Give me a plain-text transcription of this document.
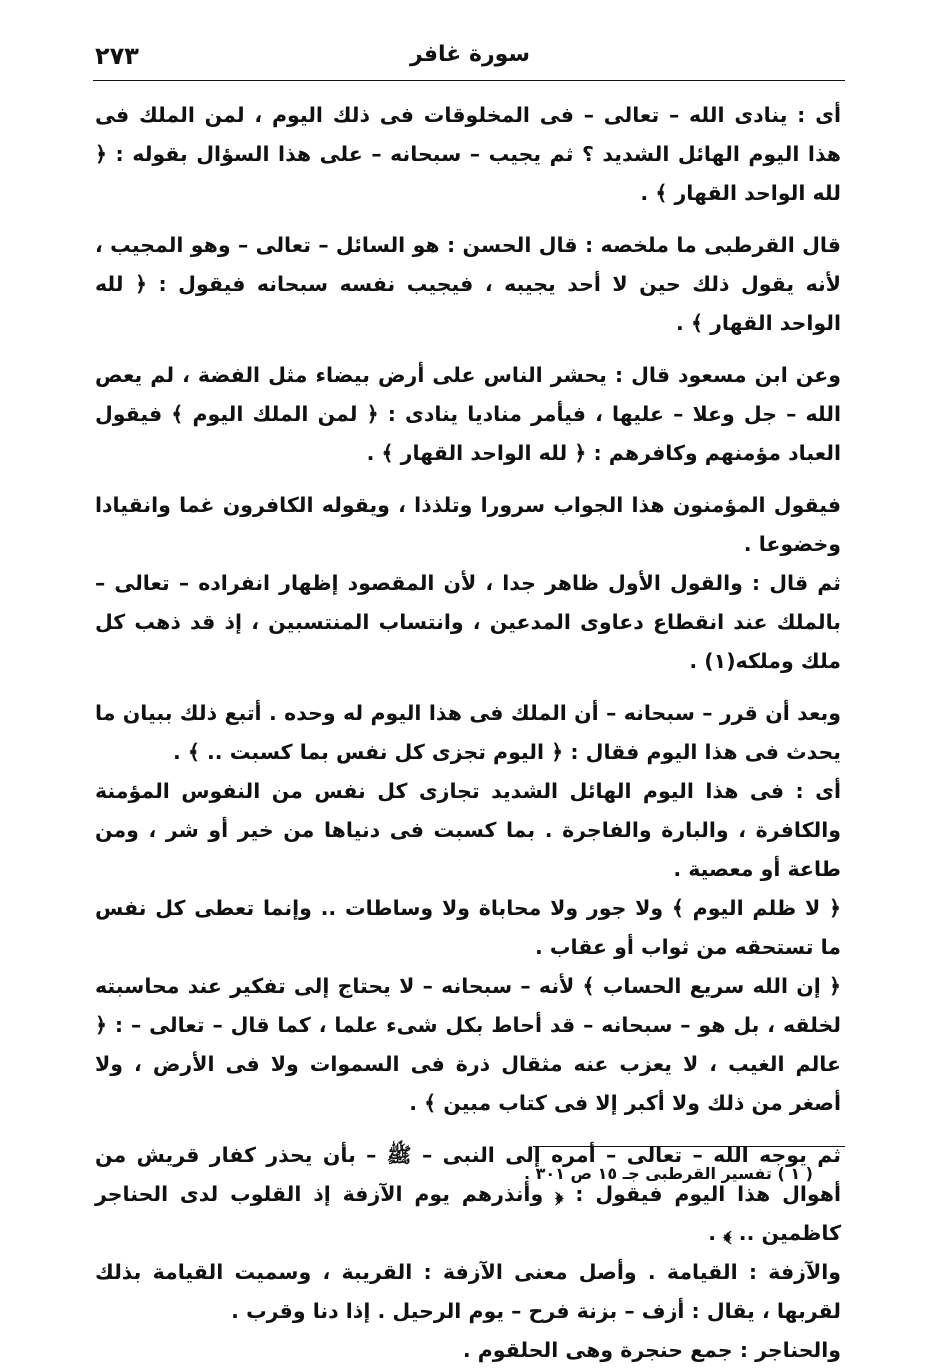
٢٧٣	سورة غافر

أى : ينادى الله – تعالى – فى المخلوقات فى ذلك اليوم ، لمن الملك فى هذا اليوم الهائل الشديد ؟ ثم يجيب – سبحانه – على هذا السؤال بقوله : ﴿ لله الواحد القهار ﴾ .

قال القرطبى ما ملخصه : قال الحسن : هو السائل – تعالى – وهو المجيب ، لأنه يقول ذلك حين لا أحد يجيبه ، فيجيب نفسه سبحانه فيقول : ﴿ لله الواحد القهار ﴾ .

وعن ابن مسعود قال : يحشر الناس على أرض بيضاء مثل الفضة ، لم يعص الله – جل وعلا – عليها ، فيأمر مناديا ينادى : ﴿ لمن الملك اليوم ﴾ فيقول العباد مؤمنهم وكافرهم : ﴿ لله الواحد القهار ﴾ .

فيقول المؤمنون هذا الجواب سرورا وتلذذا ، ويقوله الكافرون غما وانقيادا وخضوعا .

ثم قال : والقول الأول ظاهر جدا ، لأن المقصود إظهار انفراده – تعالى – بالملك عند انقطاع دعاوى المدعين ، وانتساب المنتسبين ، إذ قد ذهب كل ملك وملكه(١) .

وبعد أن قرر – سبحانه – أن الملك فى هذا اليوم له وحده . أتبع ذلك ببيان ما يحدث فى هذا اليوم فقال : ﴿ اليوم تجزى كل نفس بما كسبت .. ﴾ .

أى : فى هذا اليوم الهائل الشديد تجازى كل نفس من النفوس المؤمنة والكافرة ، والبارة والفاجرة . بما كسبت فى دنياها من خير أو شر ، ومن طاعة أو معصية .

﴿ لا ظلم اليوم ﴾ ولا جور ولا محاباة ولا وساطات .. وإنما تعطى كل نفس ما تستحقه من ثواب أو عقاب .

﴿ إن الله سريع الحساب ﴾ لأنه – سبحانه – لا يحتاج إلى تفكير عند محاسبته لخلقه ، بل هو – سبحانه – قد أحاط بكل شىء علما ، كما قال – تعالى – : ﴿ عالم الغيب ، لا يعزب عنه مثقال ذرة فى السموات ولا فى الأرض ، ولا أصغر من ذلك ولا أكبر إلا فى كتاب مبين ﴾ .

ثم يوجه الله – تعالى – أمره إلى النبى – ﷺ – بأن يحذر كفار قريش من أهوال هذا اليوم فيقول : ﴿ وأنذرهم يوم الآزفة إذ القلوب لدى الحناجر كاظمين .. ﴾ .

والآزفة : القيامة . وأصل معنى الآزفة : القريبة ، وسميت القيامة بذلك لقربها ، يقال : أزف – بزنة فرح – يوم الرحيل . إذا دنا وقرب .

والحناجر : جمع حنجرة وهى الحلقوم .

( ١ ) تفسير القرطبى جـ ١٥ ص ٣٠١ .
